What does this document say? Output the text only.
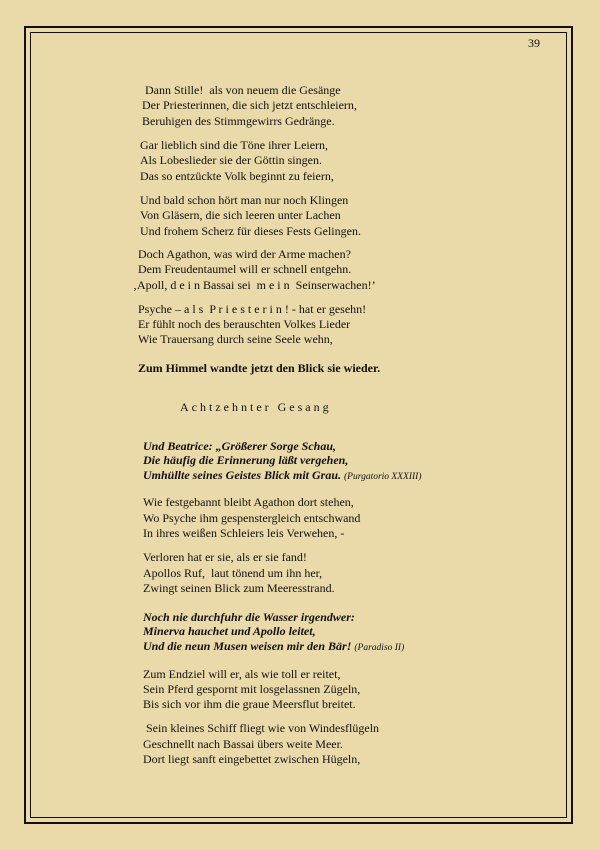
39
Dann Stille!  als von neuem die Gesänge
Der Priesterinnen, die sich jetzt entschleiern,
Beruhigen des Stimmgewirrs Gedränge.
Gar lieblich sind die Töne ihrer Leiern,
Als Lobeslieder sie der Göttin singen.
Das so entzückte Volk beginnt zu feiern,
Und bald schon hört man nur noch Klingen
Von Gläsern, die sich leeren unter Lachen
Und frohem Scherz für dieses Fests Gelingen.
Doch Agathon, was wird der Arme machen?
Dem Freudentaumel will er schnell entgehn.
‚Apoll, d e i n Bassai sei  m e i n  Seinserwachen!’
Psyche – a l s  P r i e s t e r i n ! - hat er gesehn!
Er fühlt noch des berauschten Volkes Lieder
Wie Trauersang durch seine Seele wehn,
Zum Himmel wandte jetzt den Blick sie wieder.
Achtzehnter Gesang
Und Beatrice: „Größerer Sorge Schau,
Die häufig die Erinnerung läßt vergehen,
Umhüllte seines Geistes Blick mit Grau. (Purgatorio XXXIII)
Wie festgebannt bleibt Agathon dort stehen,
Wo Psyche ihm gespenstergleich entschwand
In ihres weißen Schleiers leis Verwehen, -
Verloren hat er sie, als er sie fand!
Apollos Ruf,  laut tönend um ihn her,
Zwingt seinen Blick zum Meeresstrand.
Noch nie durchfuhr die Wasser irgendwer:
Minerva hauchet und Apollo leitet,
Und die neun Musen weisen mir den Bär! (Paradiso II)
Zum Endziel will er, als wie toll er reitet,
Sein Pferd gespornt mit losgelassnen Zügeln,
Bis sich vor ihm die graue Meersflut breitet.
Sein kleines Schiff fliegt wie von Windesflügeln
Geschnellt nach Bassai übers weite Meer.
Dort liegt sanft eingebettet zwischen Hügeln,
